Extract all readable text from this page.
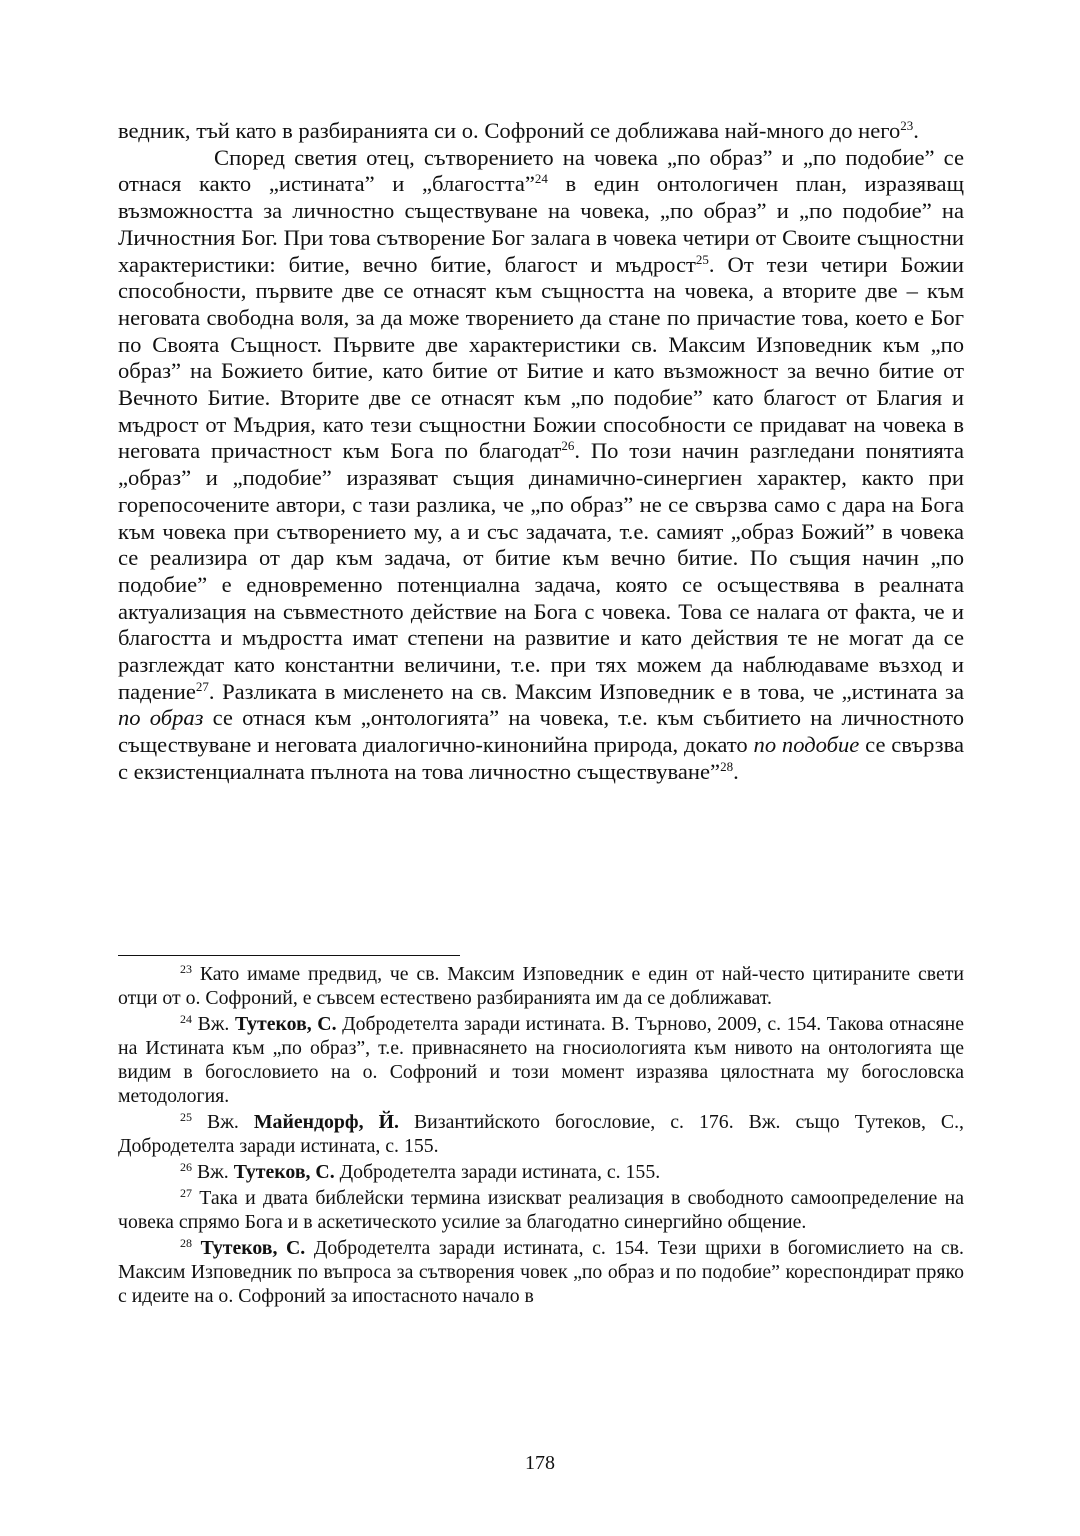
ведник, тъй като в разбиранията си о. Софроний се доближава най-много до него$^{23}$.

Според светия отец, сътворението на човека „по образ” и „по подобие” се отнася както „истината” и „благостта”$^{24}$ в един онтологичен план, изразяващ възможността за личностно съществуване на човека, „по образ” и „по подобие” на Личностния Бог. При това сътворение Бог залага в човека четири от Своите същностни характеристики: битие, вечно битие, благост и мъдрост$^{25}$. От тези четири Божии способности, първите две се отнасят към същността на човека, а вторите две – към неговата свободна воля, за да може творението да стане по причастие това, което е Бог по Своята Същност. Първите две характеристики св. Максим Изповедник към „по образ” на Божието битие, като битие от Битие и като възможност за вечно битие от Вечното Битие. Вторите две се отнасят към „по подобие” като благост от Благия и мъдрост от Мъдрия, като тези същностни Божии способности се придават на човека в неговата причастност към Бога по благодат$^{26}$. По този начин разгледани понятията „образ” и „подобие” изразяват същия динамично-синергиен характер, както при горепосочените автори, с тази разлика, че „по образ” не се свързва само с дара на Бога към човека при сътворението му, а и със задачата, т.е. самият „образ Божий” в човека се реализира от дар към задача, от битие към вечно битие. По същия начин „по подобие” е едновременно потенциална задача, която се осъществява в реалната актуализация на съвместното действие на Бога с човека. Това се налага от факта, че и благостта и мъдростта имат степени на развитие и като действия те не могат да се разглеждат като константни величини, т.е. при тях можем да наблюдаваме възход и падение$^{27}$. Разликата в мисленето на св. Максим Изповедник е в това, че „истината за по образ се отнася към „онтологията” на човека, т.е. към събитието на личностното съществуване и неговата диалогично-кинонийна природа, докато по подобие се свързва с екзистенциалната пълнота на това личностно съществуване”$^{28}$.

$^{23}$ Като имаме предвид, че св. Максим Изповедник е един от най-често цитираните свети отци от о. Софроний, е съвсем естествено разбиранията им да се доближават.

$^{24}$ Вж. Тутеков, С. Добродетелта заради истината. В. Търново, 2009, с. 154. Такова отнасяне на Истината към „по образ”, т.е. привнасянето на гносиологията към нивото на онтологията ще видим в богословието на о. Софроний и този момент изразява цялостната му богословска методология.

$^{25}$ Вж. Майендорф, Й. Византийското богословие, с. 176. Вж. също Тутеков, С., Добродетелта заради истината, с. 155.

$^{26}$ Вж. Тутеков, С. Добродетелта заради истината, с. 155.

$^{27}$ Така и двата библейски термина изискват реализация в свободното самоопределение на човека спрямо Бога и в аскетическото усилие за благодатно синергийно общение.

$^{28}$ Тутеков, С. Добродетелта заради истината, с. 154. Тези щрихи в богомислието на св. Максим Изповедник по въпроса за сътворения човек „по образ и по подобие” кореспондират пряко с идеите на о. Софроний за ипостасното начало в

178
